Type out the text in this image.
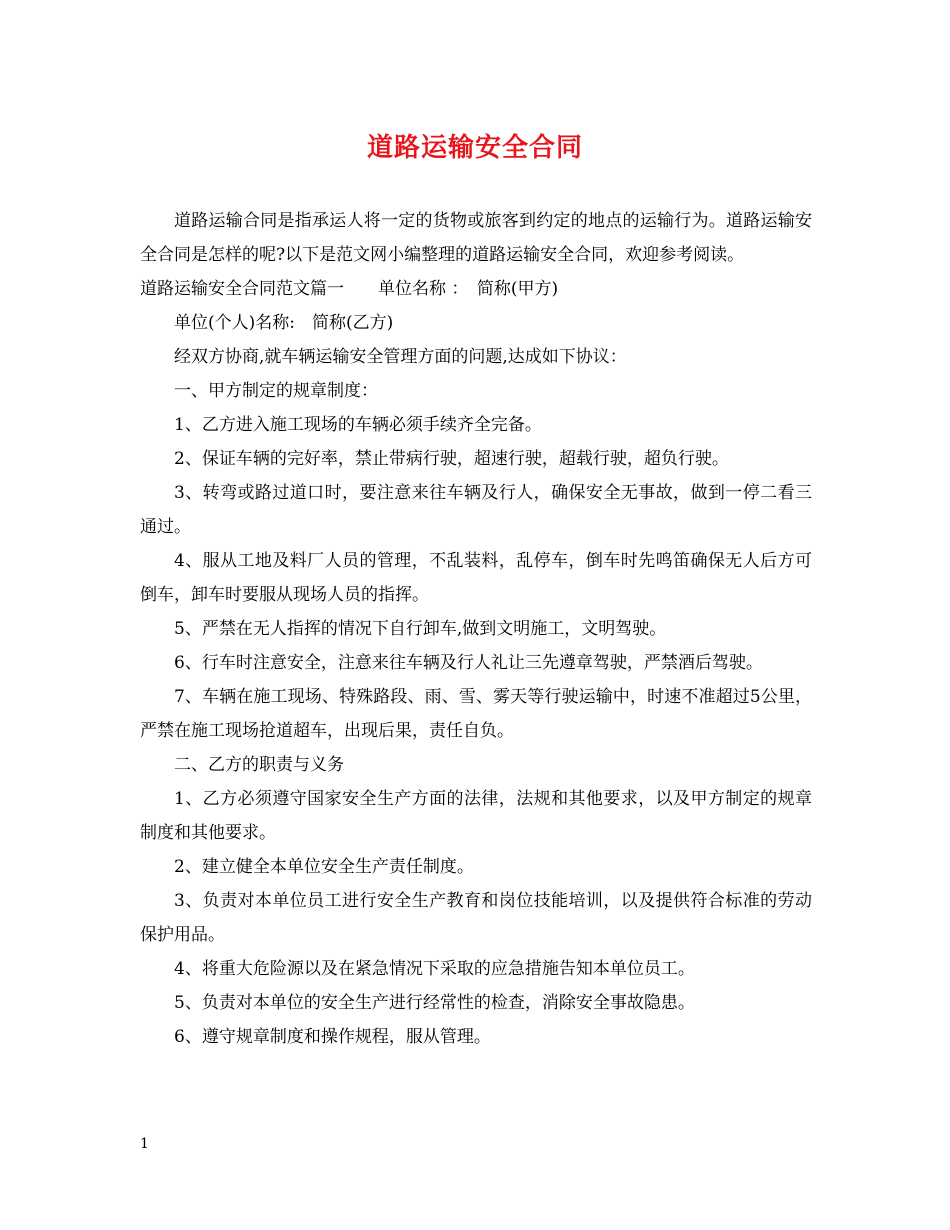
道路运输安全合同

道路运输合同是指承运人将一定的货物或旅客到约定的地点的运输行为。道路运输安全合同是怎样的呢?以下是范文网小编整理的道路运输安全合同，欢迎参考阅读。

道路运输安全合同范文篇一　　单位名称 ：　简称(甲方)

单位(个人)名称:　简称(乙方)

经双方协商,就车辆运输安全管理方面的问题,达成如下协议：

一、甲方制定的规章制度：

1、乙方进入施工现场的车辆必须手续齐全完备。

2、保证车辆的完好率，禁止带病行驶，超速行驶，超载行驶，超负行驶。

3、转弯或路过道口时，要注意来往车辆及行人，确保安全无事故，做到一停二看三通过。

4、服从工地及料厂人员的管理，不乱装料，乱停车，倒车时先鸣笛确保无人后方可倒车，卸车时要服从现场人员的指挥。

5、严禁在无人指挥的情况下自行卸车,做到文明施工，文明驾驶。

6、行车时注意安全，注意来往车辆及行人礼让三先遵章驾驶，严禁酒后驾驶。

7、车辆在施工现场、特殊路段、雨、雪、雾天等行驶运输中，时速不准超过5公里，严禁在施工现场抢道超车，出现后果，责任自负。

二、乙方的职责与义务

1、乙方必须遵守国家安全生产方面的法律，法规和其他要求，以及甲方制定的规章制度和其他要求。

2、建立健全本单位安全生产责任制度。

3、负责对本单位员工进行安全生产教育和岗位技能培训，以及提供符合标准的劳动保护用品。

4、将重大危险源以及在紧急情况下采取的应急措施告知本单位员工。

5、负责对本单位的安全生产进行经常性的检查，消除安全事故隐患。

6、遵守规章制度和操作规程，服从管理。

1
